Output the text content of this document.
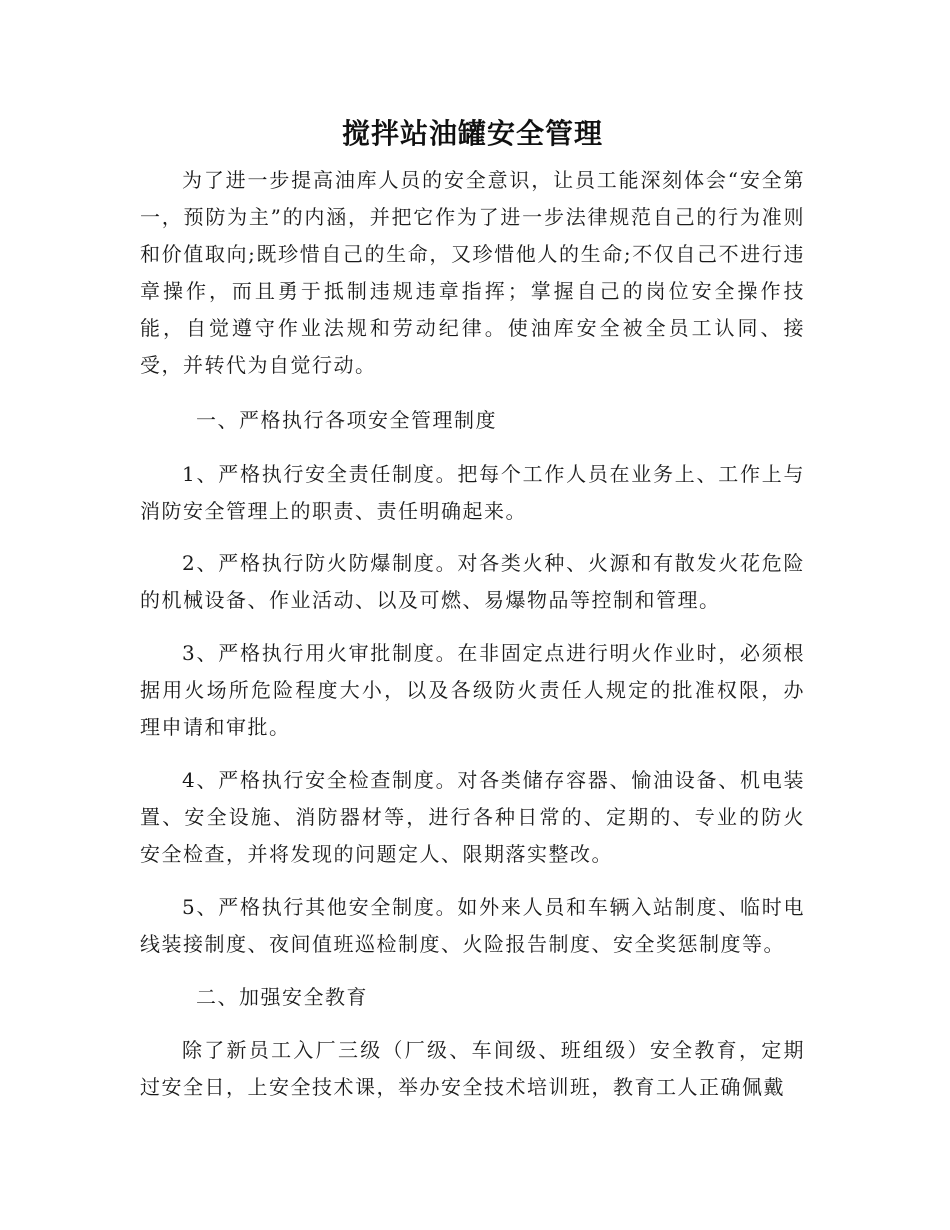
搅拌站油罐安全管理

为了进一步提高油库人员的安全意识，让员工能深刻体会“安全第一，预防为主”的内涵，并把它作为了进一步法律规范自己的行为准则和价值取向;既珍惜自己的生命，又珍惜他人的生命;不仅自己不进行违章操作，而且勇于抵制违规违章指挥；掌握自己的岗位安全操作技能，自觉遵守作业法规和劳动纪律。使油库安全被全员工认同、接受，并转代为自觉行动。

一、严格执行各项安全管理制度

1、严格执行安全责任制度。把每个工作人员在业务上、工作上与消防安全管理上的职责、责任明确起来。

2、严格执行防火防爆制度。对各类火种、火源和有散发火花危险的机械设备、作业活动、以及可燃、易爆物品等控制和管理。

3、严格执行用火审批制度。在非固定点进行明火作业时，必须根据用火场所危险程度大小，以及各级防火责任人规定的批准权限，办理申请和审批。

4、严格执行安全检查制度。对各类储存容器、愉油设备、机电装置、安全设施、消防器材等，进行各种日常的、定期的、专业的防火安全检查，并将发现的问题定人、限期落实整改。

5、严格执行其他安全制度。如外来人员和车辆入站制度、临时电线装接制度、夜间值班巡检制度、火险报告制度、安全奖惩制度等。

二、加强安全教育

除了新员工入厂三级（厂级、车间级、班组级）安全教育，定期过安全日，上安全技术课，举办安全技术培训班，教育工人正确佩戴
